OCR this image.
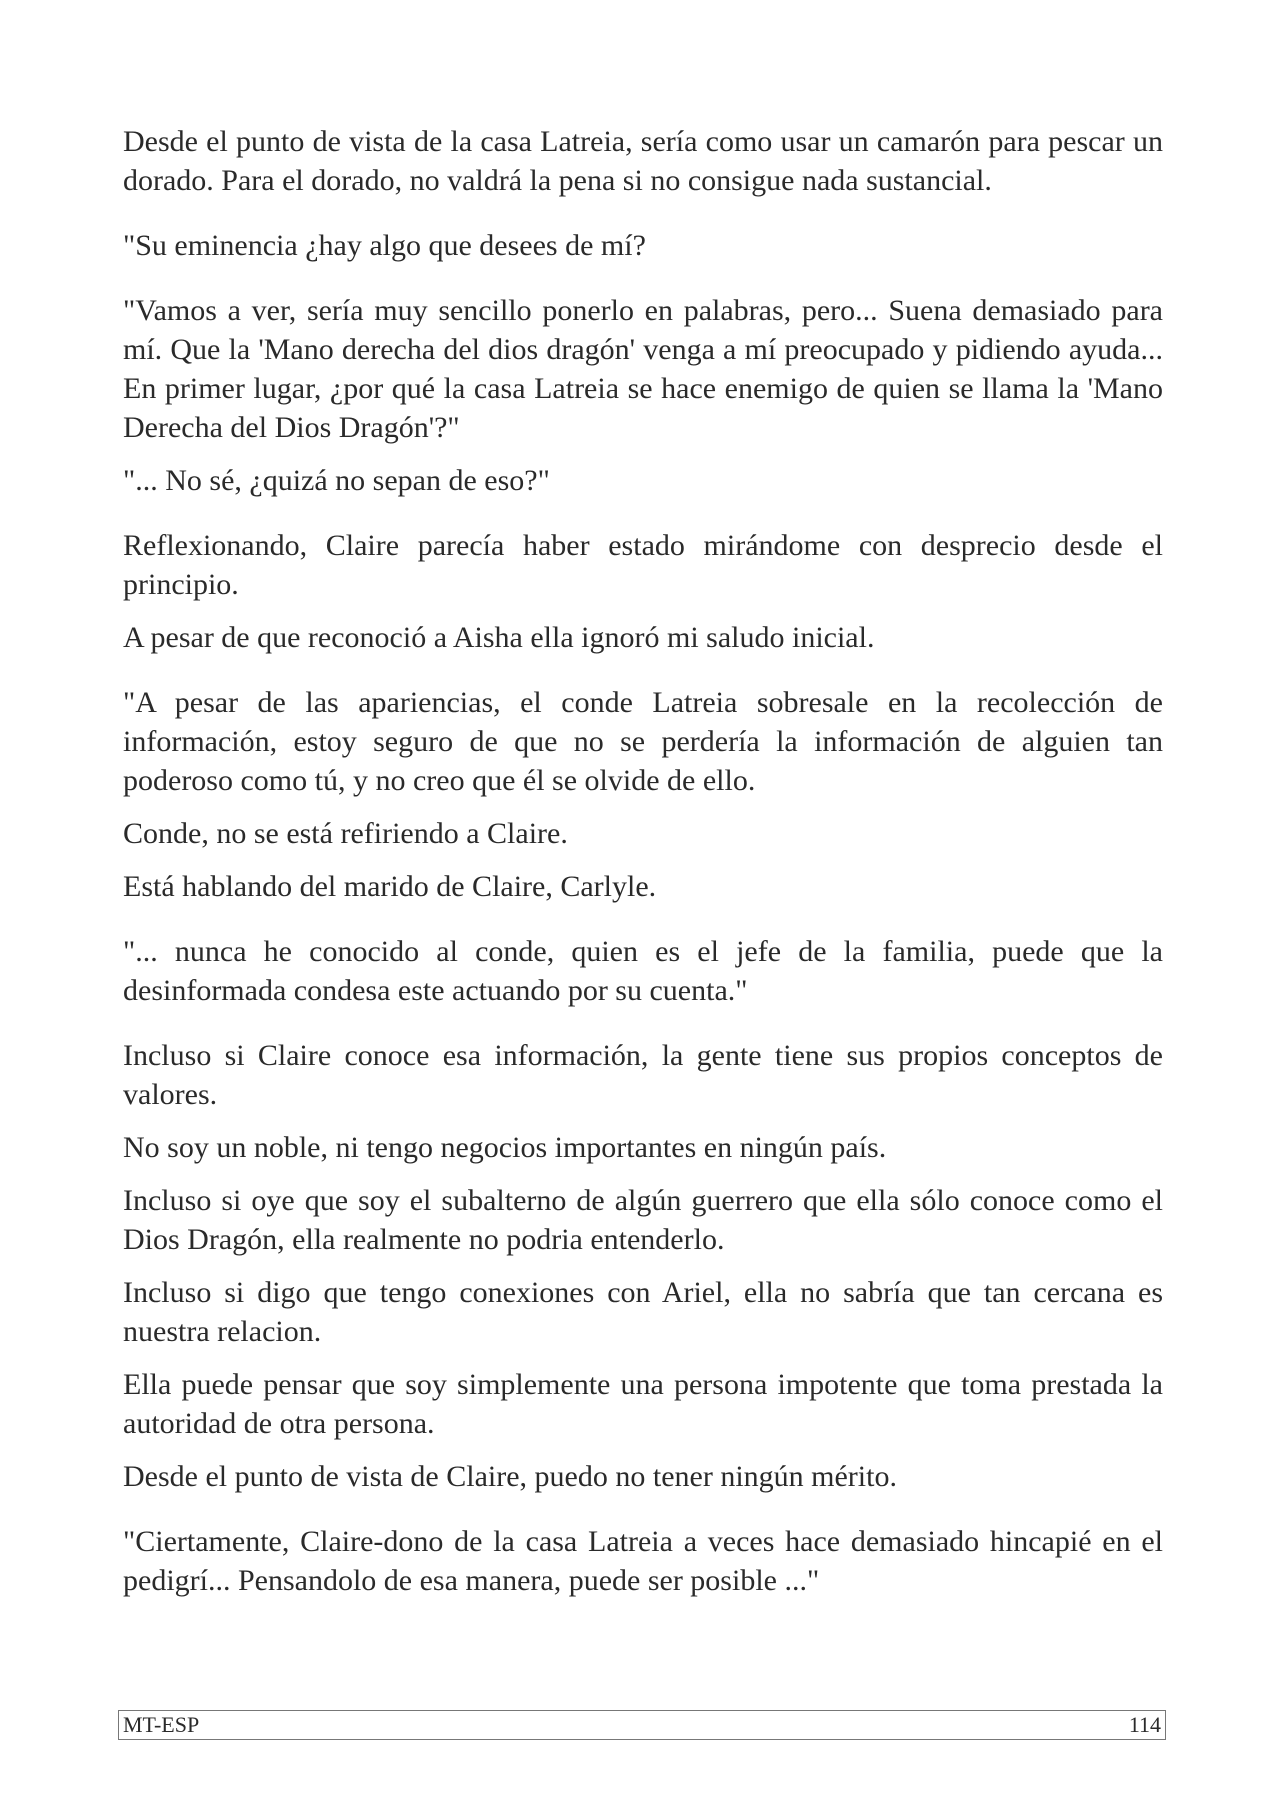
Desde el punto de vista de la casa Latreia, sería como usar un camarón para pescar un dorado. Para el dorado, no valdrá la pena si no consigue nada sustancial.

"Su eminencia ¿hay algo que desees de mí?

"Vamos a ver, sería muy sencillo ponerlo en palabras, pero... Suena demasiado para mí. Que la 'Mano derecha del dios dragón' venga a mí preocupado y pidiendo ayuda... En primer lugar, ¿por qué la casa Latreia se hace enemigo de quien se llama la 'Mano Derecha del Dios Dragón'?"

"... No sé, ¿quizá no sepan de eso?"

Reflexionando, Claire parecía haber estado mirándome con desprecio desde el principio.

A pesar de que reconoció a Aisha ella ignoró mi saludo inicial.

"A pesar de las apariencias, el conde Latreia sobresale en la recolección de información, estoy seguro de que no se perdería la información de alguien tan poderoso como tú, y no creo que él se olvide de ello.

Conde, no se está refiriendo a Claire.

Está hablando del marido de Claire, Carlyle.

"... nunca he conocido al conde, quien es el jefe de la familia, puede que la desinformada condesa este actuando por su cuenta."

Incluso si Claire conoce esa información, la gente tiene sus propios conceptos de valores.

No soy un noble, ni tengo negocios importantes en ningún país.

Incluso si oye que soy el subalterno de algún guerrero que ella sólo conoce como el Dios Dragón, ella realmente no podria entenderlo.

Incluso si digo que tengo conexiones con Ariel, ella no sabría que tan cercana es nuestra relacion.

Ella puede pensar que soy simplemente una persona impotente que toma prestada la autoridad de otra persona.

Desde el punto de vista de Claire, puedo no tener ningún mérito.

"Ciertamente, Claire-dono de la casa Latreia a veces hace demasiado hincapié en el pedigrí... Pensandolo de esa manera, puede ser posible ..."

MT-ESP	114
